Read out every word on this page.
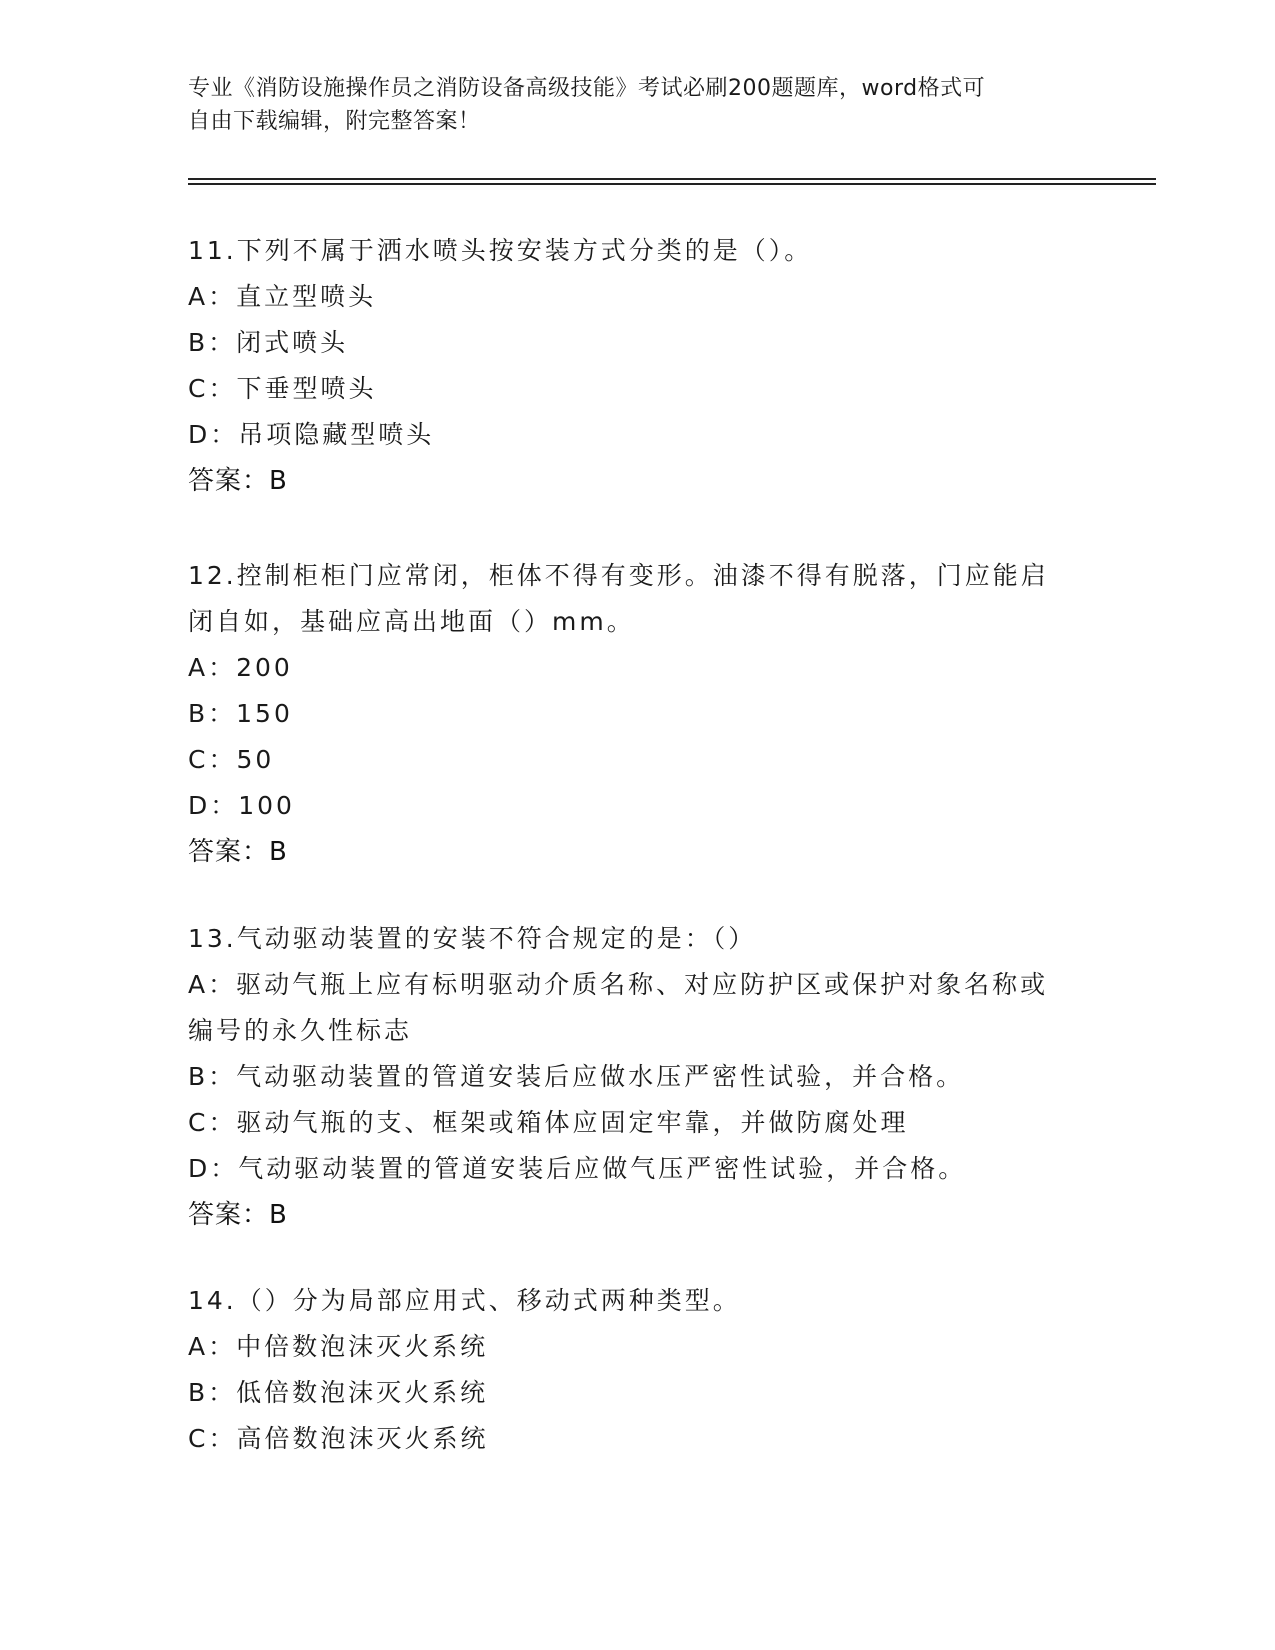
专业《消防设施操作员之消防设备高级技能》考试必刷200题题库，word格式可
自由下载编辑，附完整答案！
11.下列不属于洒水喷头按安装方式分类的是（）。
A：直立型喷头
B：闭式喷头
C：下垂型喷头
D：吊项隐藏型喷头
答案：B
12.控制柜柜门应常闭，柜体不得有变形。油漆不得有脱落，门应能启
闭自如，基础应高出地面（）mm。
A：200
B：150
C：50
D：100
答案：B
13.气动驱动装置的安装不符合规定的是：（）
A：驱动气瓶上应有标明驱动介质名称、对应防护区或保护对象名称或
编号的永久性标志
B：气动驱动装置的管道安装后应做水压严密性试验，并合格。
C：驱动气瓶的支、框架或箱体应固定牢靠，并做防腐处理
D：气动驱动装置的管道安装后应做气压严密性试验，并合格。
答案：B
14.（）分为局部应用式、移动式两种类型。
A：中倍数泡沫灭火系统
B：低倍数泡沫灭火系统
C：高倍数泡沫灭火系统
